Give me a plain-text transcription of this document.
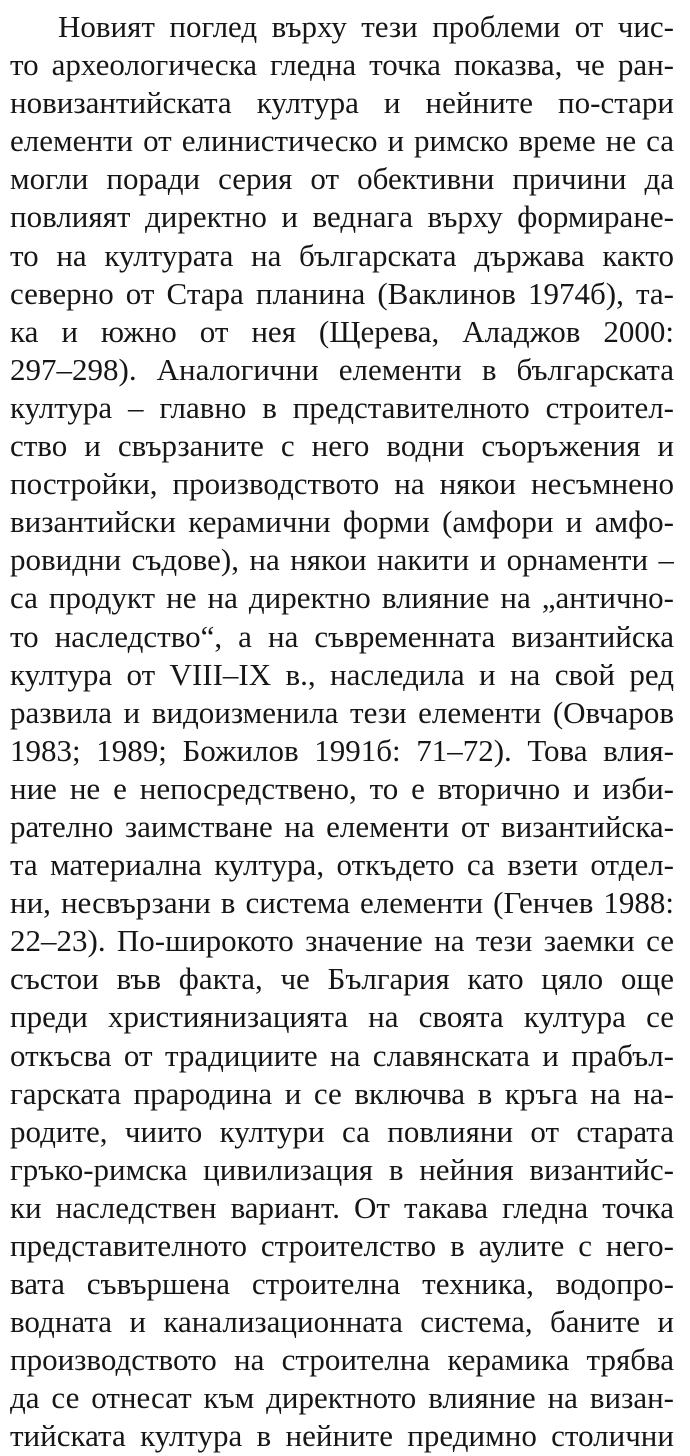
Новият поглед върху тези проблеми от чис-
то археологическа гледна точка показва, че ран-
новизантийската култура и нейните по-стари
елементи от елинистическо и римско време не са
могли поради серия от обективни причини да
повлияят директно и веднага върху формиране-
то на културата на българската държава както
северно от Стара планина (Ваклинов 1974б), та-
ка и южно от нея (Щерева, Аладжов 2000:
297–298). Аналогични елементи в българската
култура – главно в представителното строител-
ство и свързаните с него водни съоръжения и
постройки, производството на някои несъмнено
византийски керамични форми (амфори и амфо-
ровидни съдове), на някои накити и орнаменти –
са продукт не на директно влияние на „антично-
то наследство“, а на съвременната византийска
култура от VIII–IX в., наследила и на свой ред
развила и видоизменила тези елементи (Овчаров
1983; 1989; Божилов 1991б: 71–72). Това влия-
ние не е непосредствено, то е вторично и изби-
рателно заимстване на елементи от византийска-
та материална култура, откъдето са взети отдел-
ни, несвързани в система елементи (Генчев 1988:
22–23). По-широкото значение на тези заемки се
състои във факта, че България като цяло още
преди християнизацията на своята култура се
откъсва от традициите на славянската и прабъл-
гарската прародина и се включва в кръга на на-
родите, чиито култури са повлияни от старата
гръко-римска цивилизация в нейния византийс-
ки наследствен вариант. От такава гледна точка
представителното строителство в аулите с него-
вата съвършена строителна техника, водопро-
водната и канализационната система, баните и
производството на строителна керамика трябва
да се отнесат към директното влияние на визан-
тийската култура в нейните предимно столични
